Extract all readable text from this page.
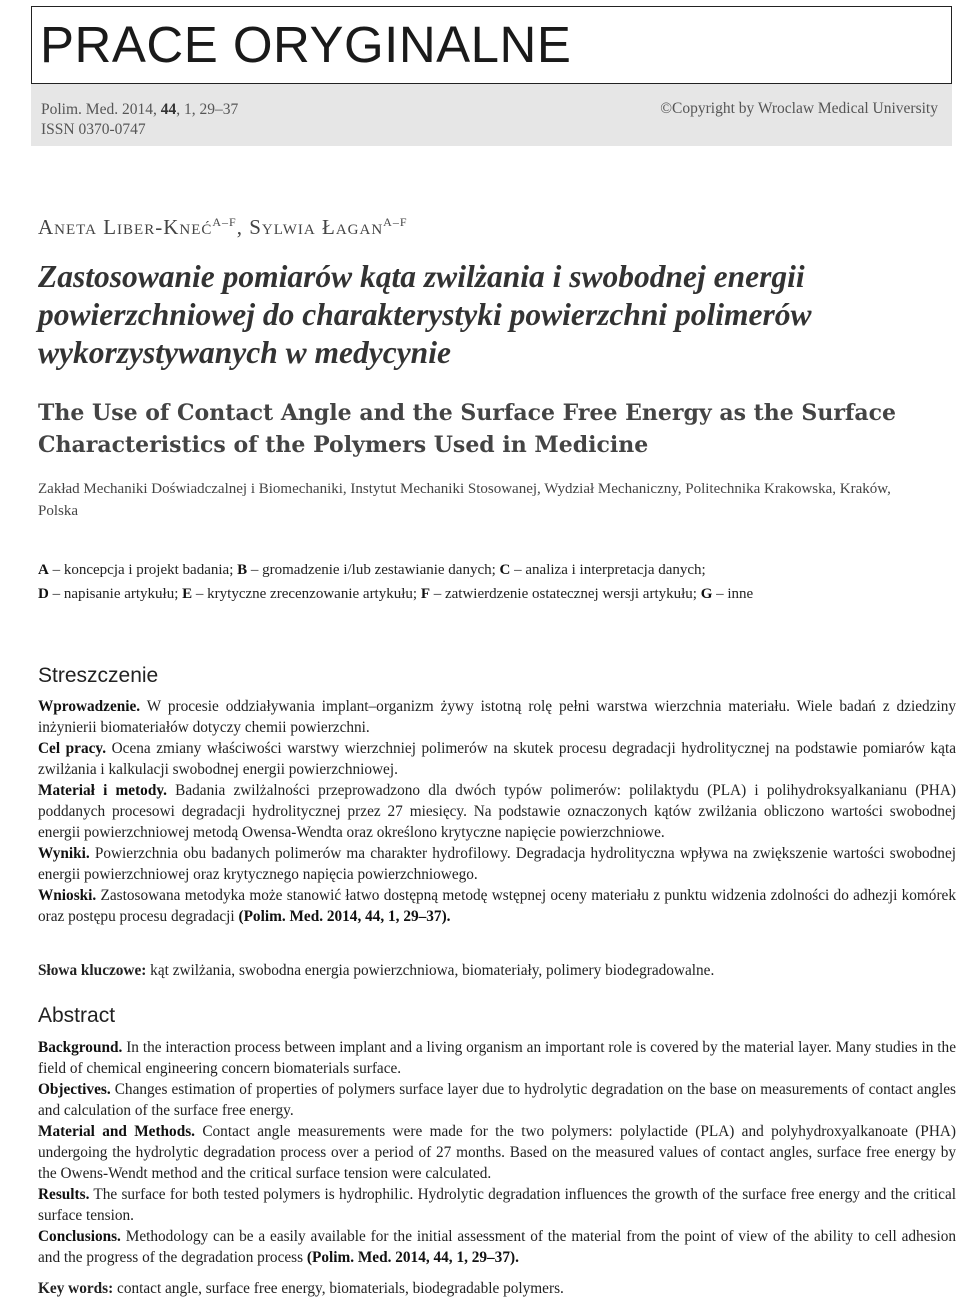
PRACE ORYGINALNE
Polim. Med. 2014, 44, 1, 29–37
ISSN 0370-0747
©Copyright by Wroclaw Medical University
Aneta Liber-Kneć$^{A-F}$, Sylwia Łagan$^{A-F}$
Zastosowanie pomiarów kąta zwilżania i swobodnej energii powierzchniowej do charakterystyki powierzchni polimerów wykorzystywanych w medycynie
The Use of Contact Angle and the Surface Free Energy as the Surface Characteristics of the Polymers Used in Medicine
Zakład Mechaniki Doświadczalnej i Biomechaniki, Instytut Mechaniki Stosowanej, Wydział Mechaniczny, Politechnika Krakowska, Kraków, Polska
A – koncepcja i projekt badania; B – gromadzenie i/lub zestawianie danych; C – analiza i interpretacja danych;
D – napisanie artykułu; E – krytyczne zrecenzowanie artykułu; F – zatwierdzenie ostatecznej wersji artykułu; G – inne
Streszczenie

Wprowadzenie. W procesie oddziaływania implant–organizm żywy istotną rolę pełni warstwa wierzchnia materiału. Wiele badań z dziedziny inżynierii biomateriałów dotyczy chemii powierzchni.

Cel pracy. Ocena zmiany właściwości warstwy wierzchniej polimerów na skutek procesu degradacji hydrolitycznej na podstawie pomiarów kąta zwilżania i kalkulacji swobodnej energii powierzchniowej.

Materiał i metody. Badania zwilżalności przeprowadzono dla dwóch typów polimerów: polilaktydu (PLA) i polihydroksyalkanianu (PHA) poddanych procesowi degradacji hydrolitycznej przez 27 miesięcy. Na podstawie oznaczonych kątów zwilżania obliczono wartości swobodnej energii powierzchniowej metodą Owensa-Wendta oraz określono krytyczne napięcie powierzchniowe.

Wyniki. Powierzchnia obu badanych polimerów ma charakter hydrofilowy. Degradacja hydrolityczna wpływa na zwiększenie wartości swobodnej energii powierzchniowej oraz krytycznego napięcia powierzchniowego.

Wnioski. Zastosowana metodyka może stanowić łatwo dostępną metodę wstępnej oceny materiału z punktu widzenia zdolności do adhezji komórek oraz postępu procesu degradacji (Polim. Med. 2014, 44, 1, 29–37).

Słowa kluczowe: kąt zwilżania, swobodna energia powierzchniowa, biomateriały, polimery biodegradowalne.
Abstract

Background. In the interaction process between implant and a living organism an important role is covered by the material layer. Many studies in the field of chemical engineering concern biomaterials surface.

Objectives. Changes estimation of properties of polymers surface layer due to hydrolytic degradation on the base on measurements of contact angles and calculation of the surface free energy.

Material and Methods. Contact angle measurements were made for the two polymers: polylactide (PLA) and polyhydroxyalkanoate (PHA) undergoing the hydrolytic degradation process over a period of 27 months. Based on the measured values of contact angles, surface free energy by the Owens-Wendt method and the critical surface tension were calculated.

Results. The surface for both tested polymers is hydrophilic. Hydrolytic degradation influences the growth of the surface free energy and the critical surface tension.

Conclusions. Methodology can be a easily available for the initial assessment of the material from the point of view of the ability to cell adhesion and the progress of the degradation process (Polim. Med. 2014, 44, 1, 29–37).

Key words: contact angle, surface free energy, biomaterials, biodegradable polymers.
